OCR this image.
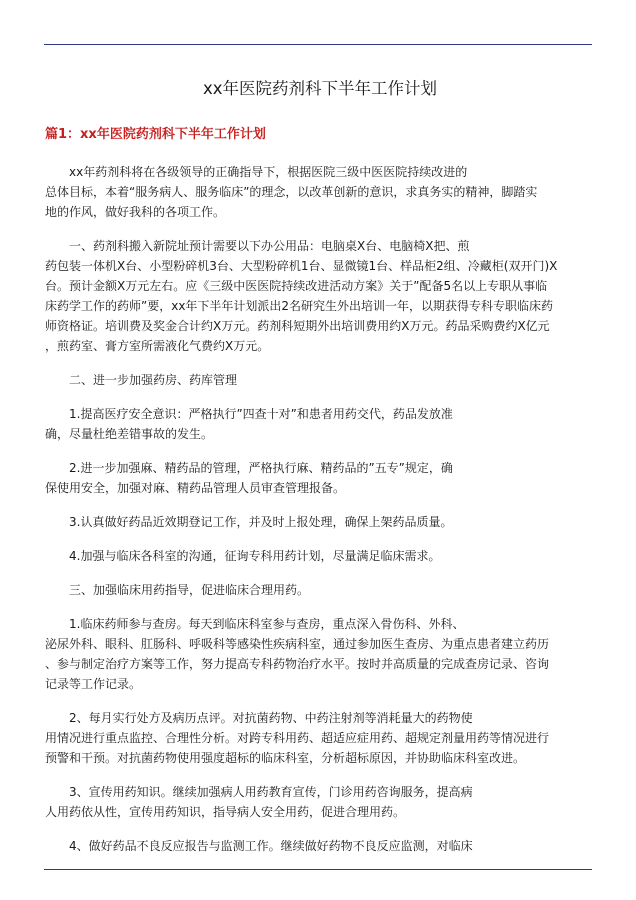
xx年医院药剂科下半年工作计划
篇1：xx年医院药剂科下半年工作计划

xx年药剂科将在各级领导的正确指导下，根据医院三级中医医院持续改进的
总体目标，本着“服务病人、服务临床”的理念，以改革创新的意识，求真务实的精神，脚踏实
地的作风，做好我科的各项工作。

一、药剂科搬入新院址预计需要以下办公用品：电脑桌X台、电脑椅X把、煎
药包装一体机X台、小型粉碎机3台、大型粉碎机1台、显微镜1台、样品柜2组、冷藏柜(双开门)X
台。预计金额X万元左右。应《三级中医医院持续改进活动方案》关于”配备5名以上专职从事临
床药学工作的药师”要，xx年下半年计划派出2名研究生外出培训一年，以期获得专科专职临床药
师资格证。培训费及奖金合计约X万元。药剂科短期外出培训费用约X万元。药品采购费约X亿元
，煎药室、膏方室所需液化气费约X万元。

二、进一步加强药房、药库管理

1.提高医疗安全意识：严格执行”四查十对”和患者用药交代，药品发放准
确，尽量杜绝差错事故的发生。

2.进一步加强麻、精药品的管理，严格执行麻、精药品的”五专”规定，确
保使用安全，加强对麻、精药品管理人员审查管理报备。

3.认真做好药品近效期登记工作，并及时上报处理，确保上架药品质量。

4.加强与临床各科室的沟通，征询专科用药计划，尽量满足临床需求。

三、加强临床用药指导，促进临床合理用药。

1.临床药师参与查房。每天到临床科室参与查房，重点深入骨伤科、外科、
泌尿外科、眼科、肛肠科、呼吸科等感染性疾病科室，通过参加医生查房、为重点患者建立药历
、参与制定治疗方案等工作，努力提高专科药物治疗水平。按时并高质量的完成查房记录、咨询
记录等工作记录。

2、每月实行处方及病历点评。对抗菌药物、中药注射剂等消耗量大的药物使
用情况进行重点监控、合理性分析。对跨专科用药、超适应症用药、超规定剂量用药等情况进行
预警和干预。对抗菌药物使用强度超标的临床科室，分析超标原因，并协助临床科室改进。

3、宣传用药知识。继续加强病人用药教育宣传，门诊用药咨询服务，提高病
人用药依从性，宣传用药知识，指导病人安全用药，促进合理用药。

4、做好药品不良反应报告与监测工作。继续做好药物不良反应监测，对临床
